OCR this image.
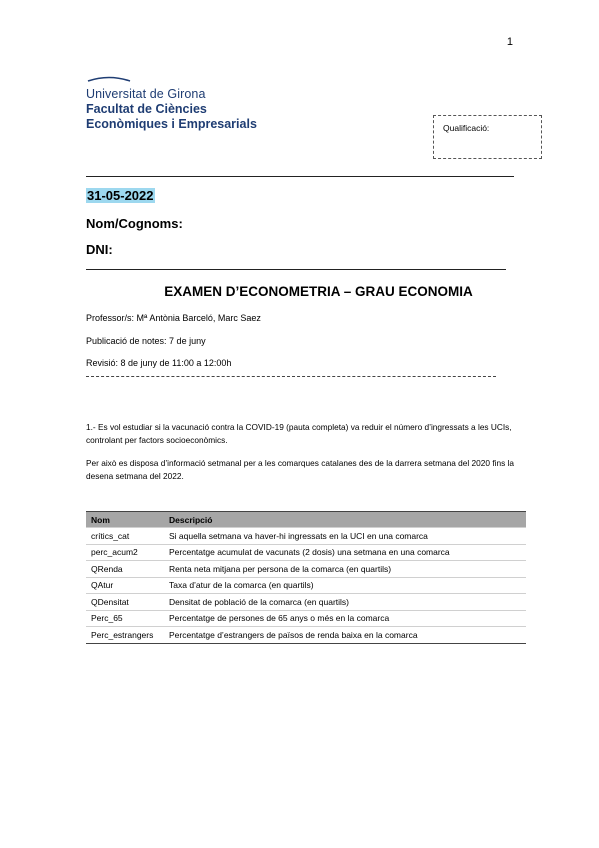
1
Universitat de Girona
Facultat de Ciències
Econòmiques i Empresarials	Qualificació:
31-05-2022
Nom/Cognoms:
DNI:
EXAMEN D’ECONOMETRIA – GRAU ECONOMIA
Professor/s: Mª Antònia Barceló, Marc Saez
Publicació de notes: 7 de juny
Revisió: 8 de juny de 11:00 a 12:00h
1.- Es vol estudiar si la vacunació contra la COVID-19 (pauta completa) va reduir el número d’ingressats a les UCIs, controlant per factors socioeconòmics.
Per això es disposa d’informació setmanal per a les comarques catalanes des de la darrera setmana del 2020 fins la desena setmana del 2022.
Nom	Descripció
crítics_cat	Si aquella setmana va haver-hi ingressats en la UCI en una comarca
perc_acum2	Percentatge acumulat de vacunats (2 dosis) una setmana en una comarca
QRenda	Renta neta mitjana per persona de la comarca (en quartils)
QAtur	Taxa d’atur de la comarca (en quartils)
QDensitat	Densitat de població de la comarca (en quartils)
Perc_65	Percentatge de persones de 65 anys o més en la comarca
Perc_estrangers	Percentatge d’estrangers de països de renda baixa en la comarca
